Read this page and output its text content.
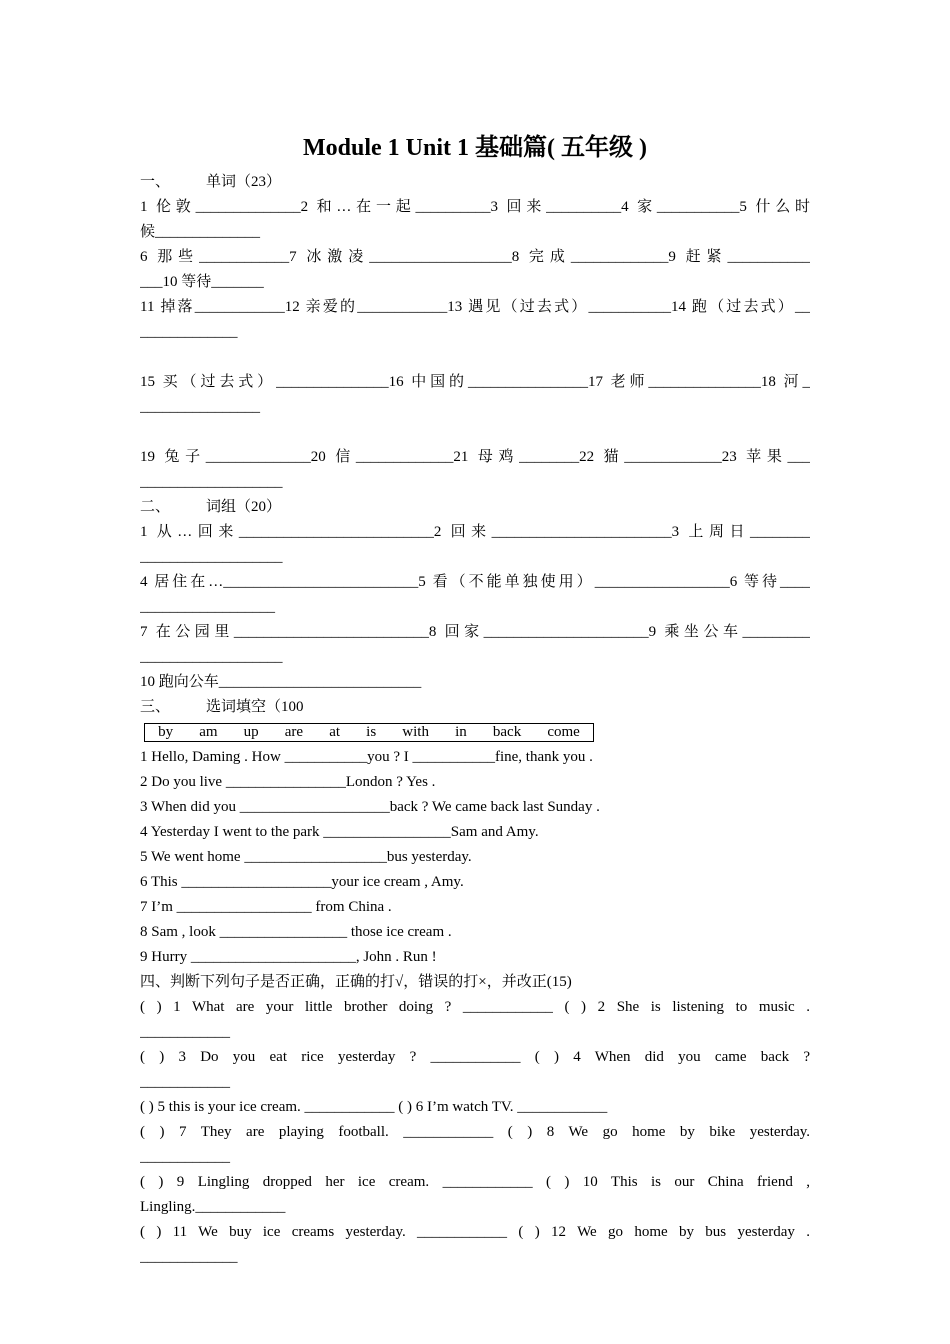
Module 1 Unit 1 基础篇( 五年级 )
一、 单词（23）
1 伦敦______________2 和…在一起__________3 回来__________4 家___________5 什么时
候______________
6 那些____________7 冰激凌___________________8 完成_____________9 赶紧___________
___10 等待_______
11 掉落____________12 亲爱的____________13 遇见（过去式）___________14 跑（过去式）__
_____________
15 买（过去式）_______________16 中国的________________17 老师_______________18 河_
________________
19 兔子______________20 信_____________21 母鸡________22 猫_____________23 苹果___
___________________
二、 词组（20）
1 从…回来__________________________2 回来________________________3 上周日________
___________________
4 居住在…__________________________5 看（不能单独使用）__________________6 等待____
__________________
7 在公园里__________________________8 回家______________________9 乘坐公车_________
___________________
10 跑向公车___________________________
三、 选词填空（100
by am up are at is with in back come
1 Hello, Daming . How ___________you ? I ___________fine, thank you .
2 Do you live ________________London ? Yes .
3 When did you ____________________back ? We came back last Sunday .
4 Yesterday I went to the park _________________Sam and Amy.
5 We went home ___________________bus yesterday.
6 This ____________________your ice cream , Amy.
7 I’m __________________ from China .
8 Sam , look _________________ those ice cream .
9 Hurry ______________________, John . Run !
四、判断下列句子是否正确，正确的打√，错误的打×，并改正(15)
( ) 1 What are your little brother doing ? ____________ ( ) 2 She is listening to music .
____________
( ) 3 Do you eat rice yesterday ? ____________ ( ) 4 When did you came back ?
____________
( ) 5 this is your ice cream. ____________ ( ) 6 I’m watch TV. ____________
( ) 7 They are playing football. ____________ ( ) 8 We go home by bike yesterday.
____________
( ) 9 Lingling dropped her ice cream. ____________ ( ) 10 This is our China friend ,
Lingling.____________
( ) 11 We buy ice creams yesterday. ____________ ( ) 12 We go home by bus yesterday .
_____________
